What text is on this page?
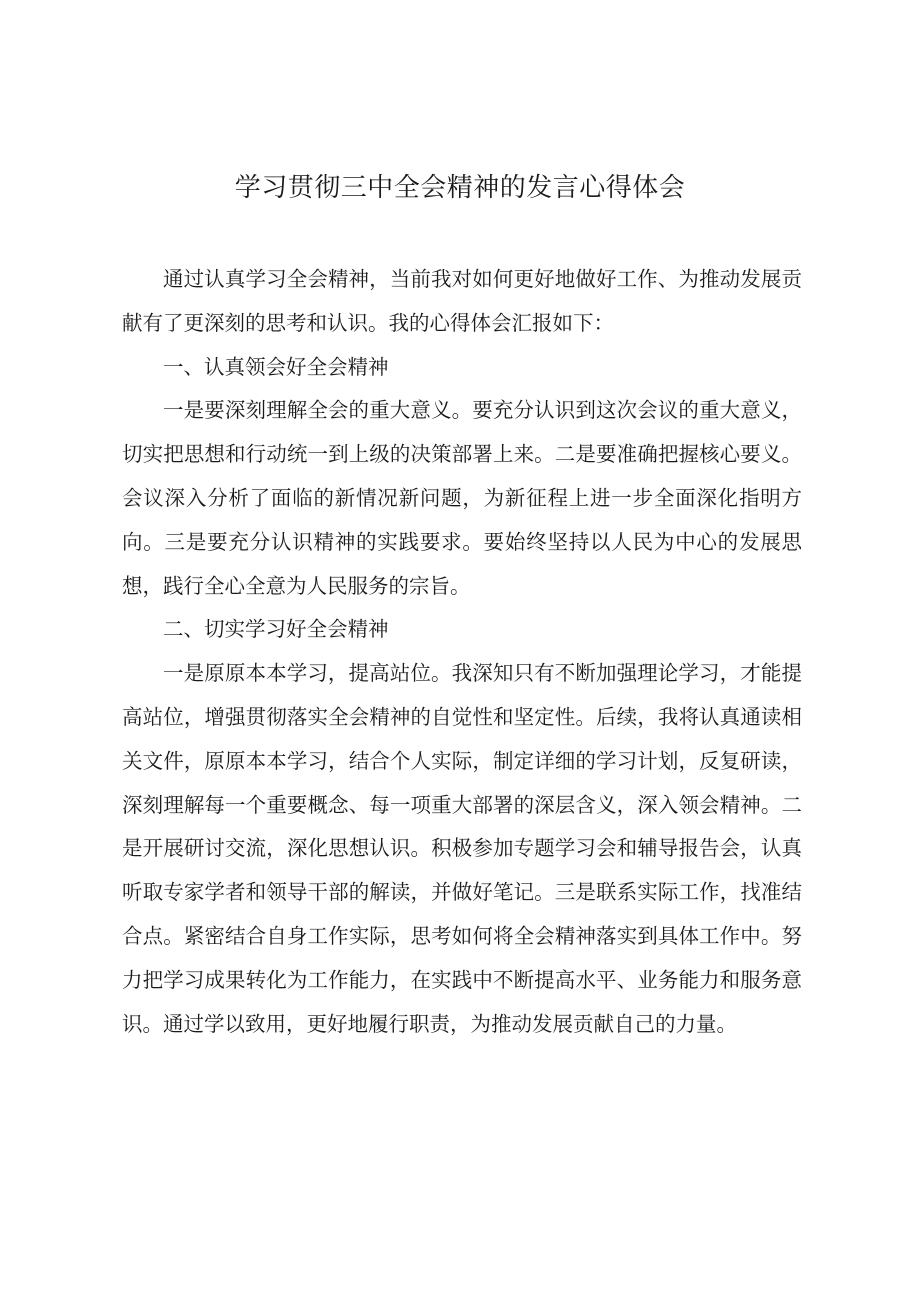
学习贯彻三中全会精神的发言心得体会

通过认真学习全会精神，当前我对如何更好地做好工作、为推动发展贡献有了更深刻的思考和认识。我的心得体会汇报如下：

一、认真领会好全会精神

一是要深刻理解全会的重大意义。要充分认识到这次会议的重大意义，切实把思想和行动统一到上级的决策部署上来。二是要准确把握核心要义。会议深入分析了面临的新情况新问题，为新征程上进一步全面深化指明方向。三是要充分认识精神的实践要求。要始终坚持以人民为中心的发展思想，践行全心全意为人民服务的宗旨。

二、切实学习好全会精神

一是原原本本学习，提高站位。我深知只有不断加强理论学习，才能提高站位，增强贯彻落实全会精神的自觉性和坚定性。后续，我将认真通读相关文件，原原本本学习，结合个人实际，制定详细的学习计划，反复研读，深刻理解每一个重要概念、每一项重大部署的深层含义，深入领会精神。二是开展研讨交流，深化思想认识。积极参加专题学习会和辅导报告会，认真听取专家学者和领导干部的解读，并做好笔记。三是联系实际工作，找准结合点。紧密结合自身工作实际，思考如何将全会精神落实到具体工作中。努力把学习成果转化为工作能力，在实践中不断提高水平、业务能力和服务意识。通过学以致用，更好地履行职责，为推动发展贡献自己的力量。
